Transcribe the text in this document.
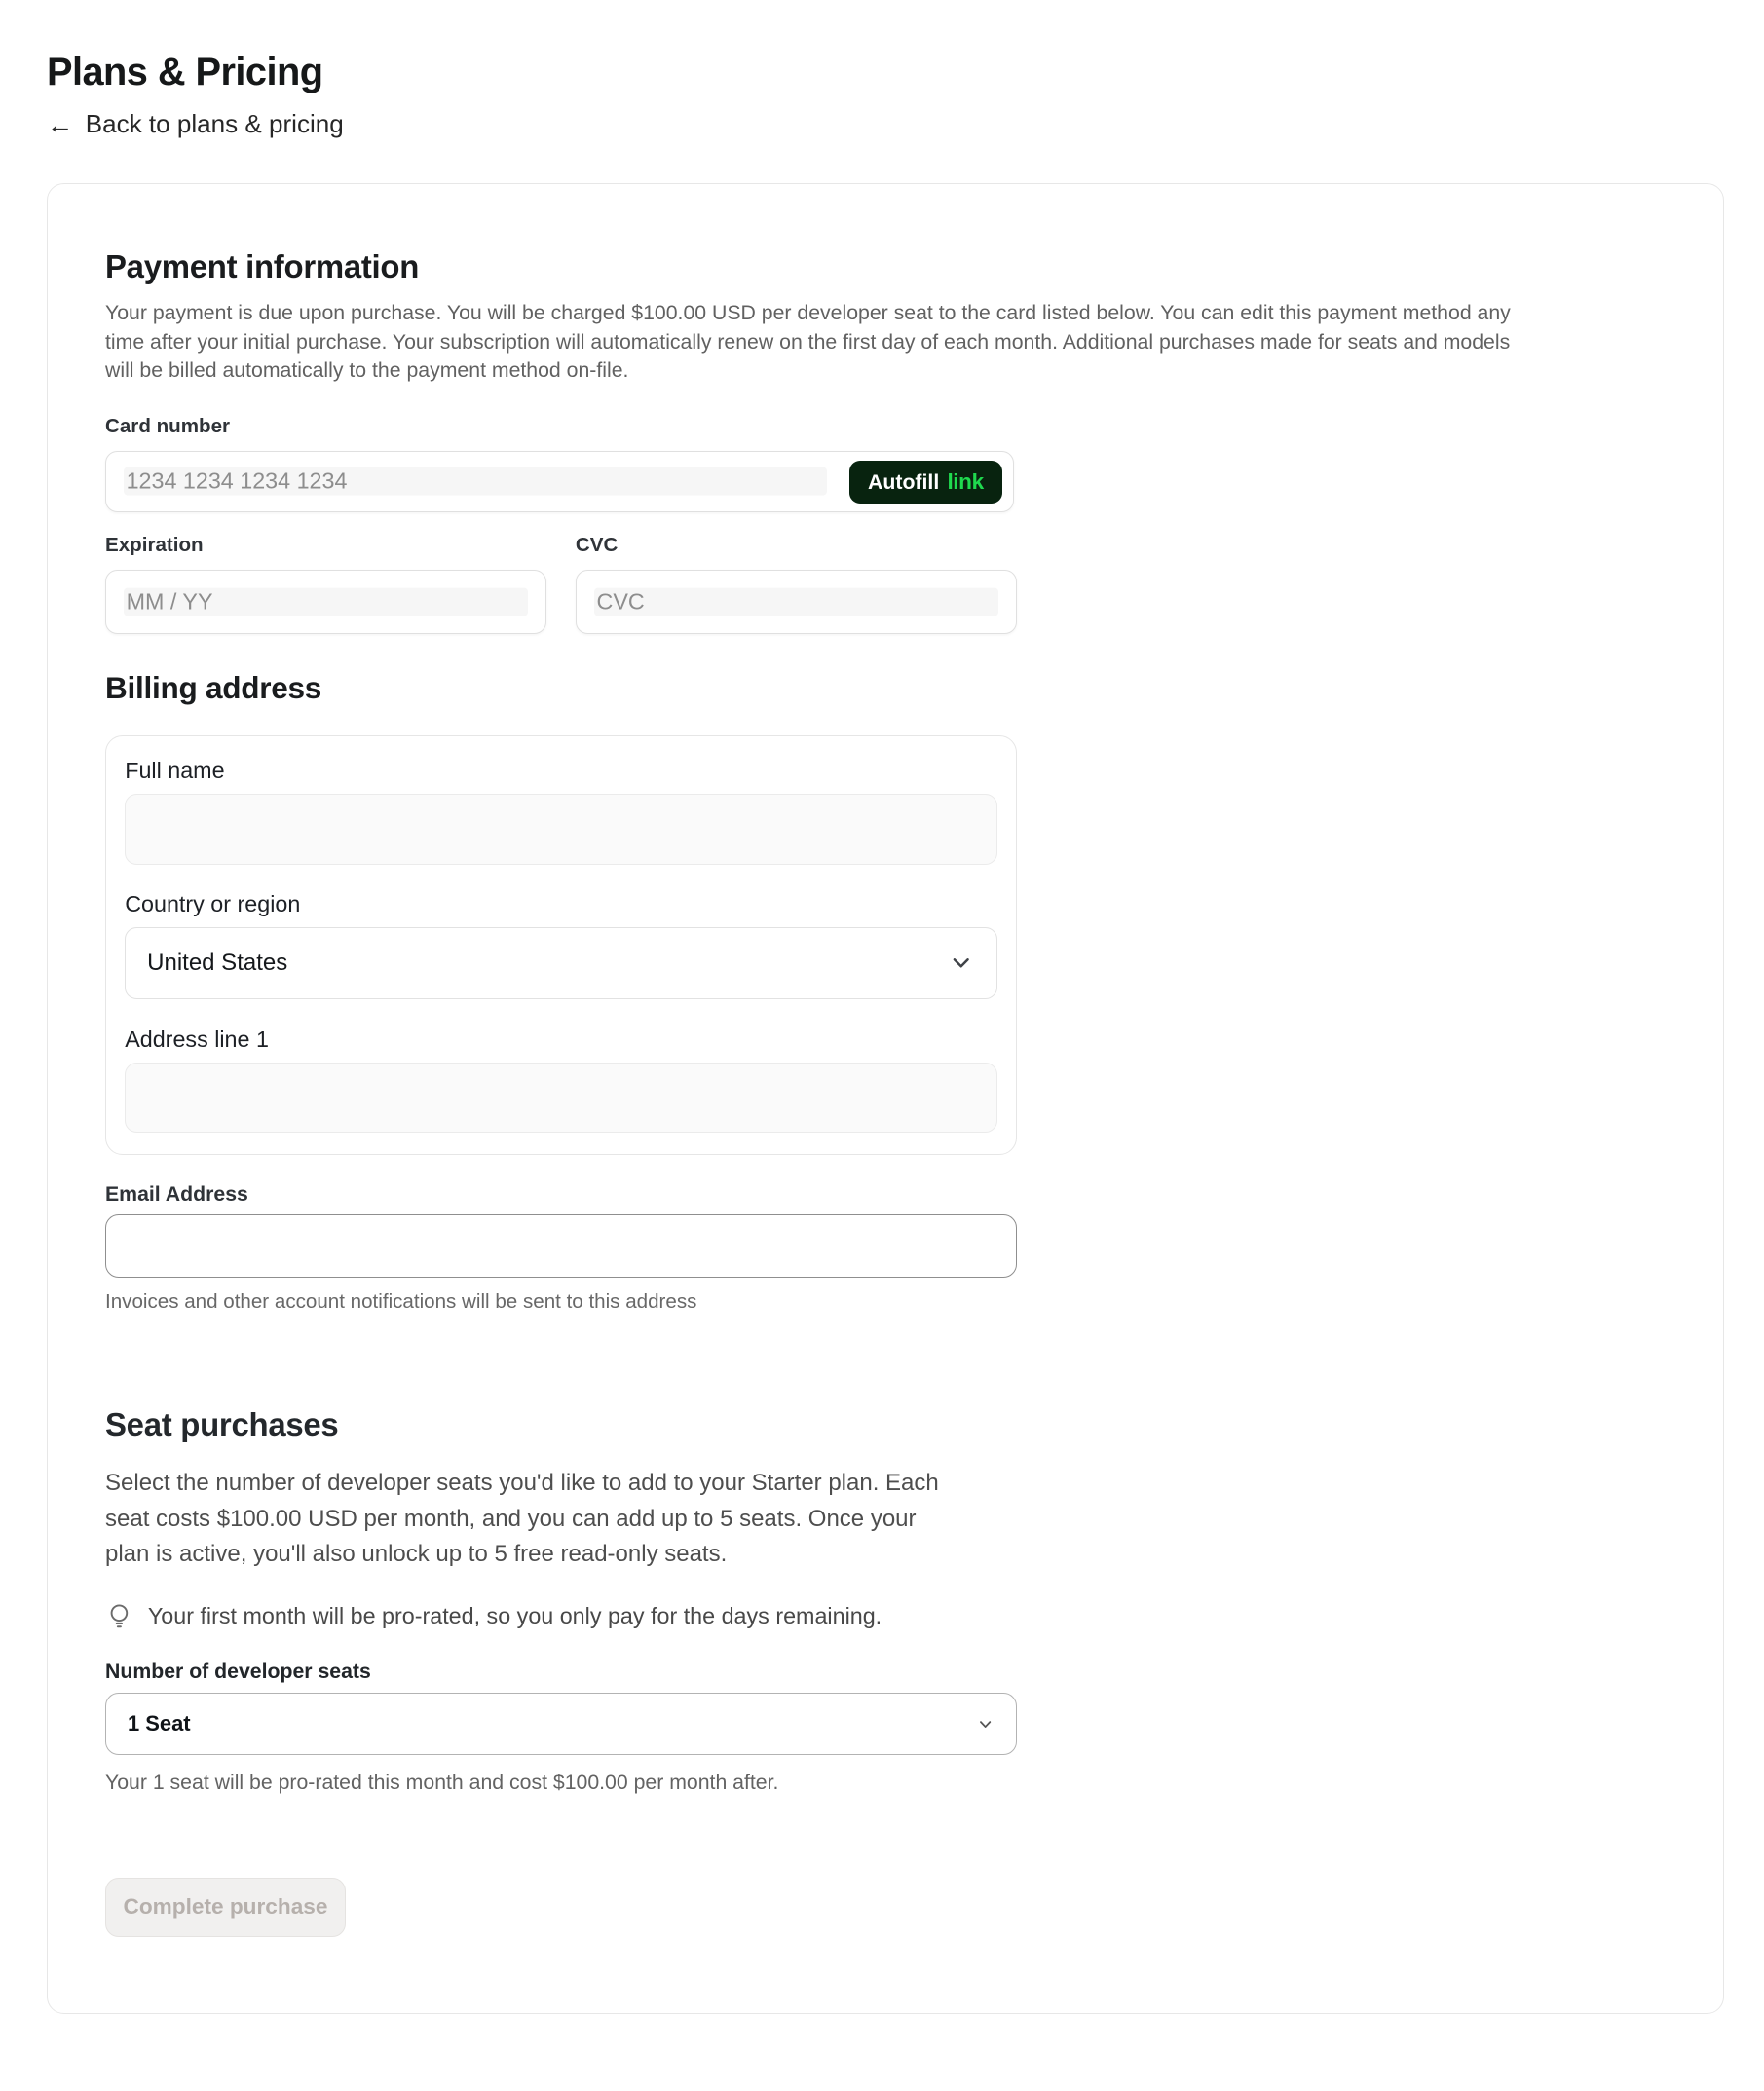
Plans & Pricing
← Back to plans & pricing
Payment information

Your payment is due upon purchase. You will be charged $100.00 USD per developer seat to the card listed below. You can edit this payment method any
time after your initial purchase. Your subscription will automatically renew on the first day of each month. Additional purchases made for seats and models
will be billed automatically to the payment method on-file.

Card number
1234 1234 1234 1234	Autofill link
Expiration
MM / YY
CVC
CVC
Billing address
Full name
Country or region
United States
Address line 1
Email Address
Invoices and other account notifications will be sent to this address
Seat purchases

Select the number of developer seats you'd like to add to your Starter plan. Each
seat costs $100.00 USD per month, and you can add up to 5 seats. Once your
plan is active, you'll also unlock up to 5 free read-only seats.

Your first month will be pro-rated, so you only pay for the days remaining.
Number of developer seats
1 Seat
Your 1 seat will be pro-rated this month and cost $100.00 per month after.
Complete purchase
